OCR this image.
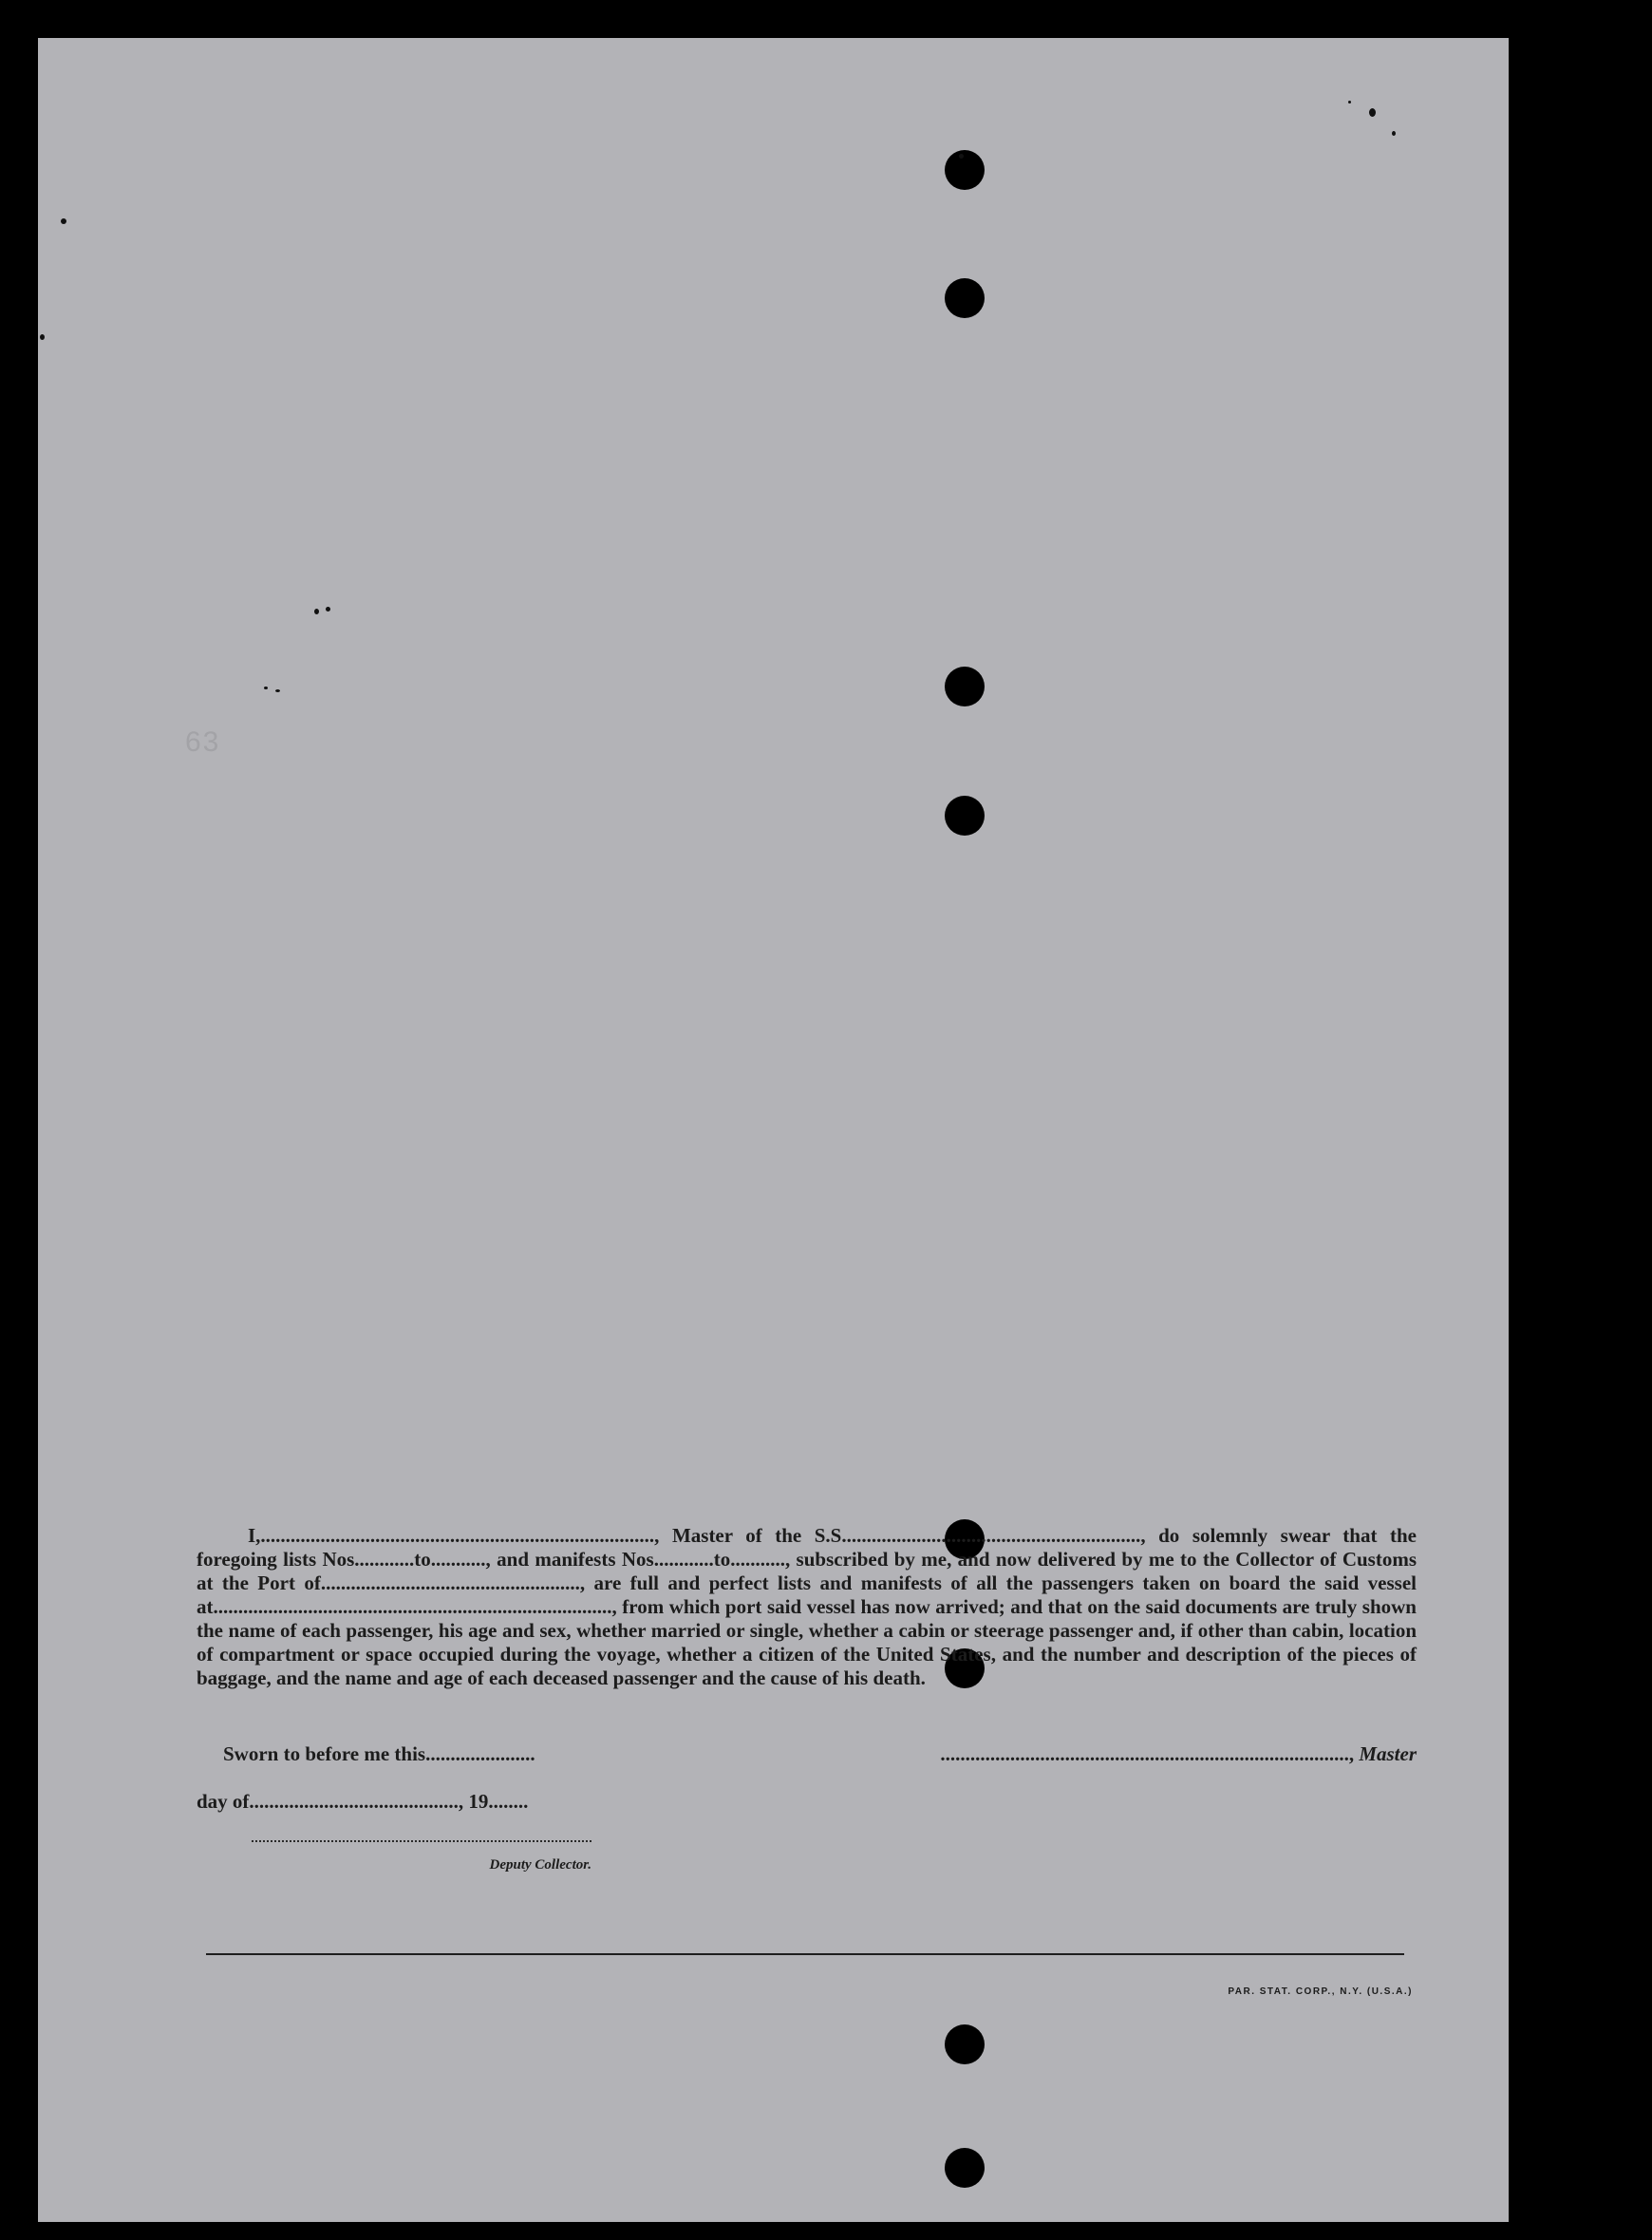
63

I,..............................................................................., Master of the S.S............................................................, do solemnly swear that the foregoing lists Nos............to..........., and manifests Nos............to..........., subscribed by me, and now delivered by me to the Collector of Customs at the Port of...................................................., are full and perfect lists and manifests of all the passengers taken on board the said vessel at................................................................................, from which port said vessel has now arrived; and that on the said documents are truly shown the name of each passenger, his age and sex, whether married or single, whether a cabin or steerage passenger and, if other than cabin, location of compartment or space occupied during the voyage, whether a citizen of the United States, and the number and description of the pieces of baggage, and the name and age of each deceased passenger and the cause of his death.

Sworn to before me this......................
day of.........................................., 19........
.................................................................................., Master
Deputy Collector.
PAR. STAT. CORP., N.Y. (U.S.A.)
